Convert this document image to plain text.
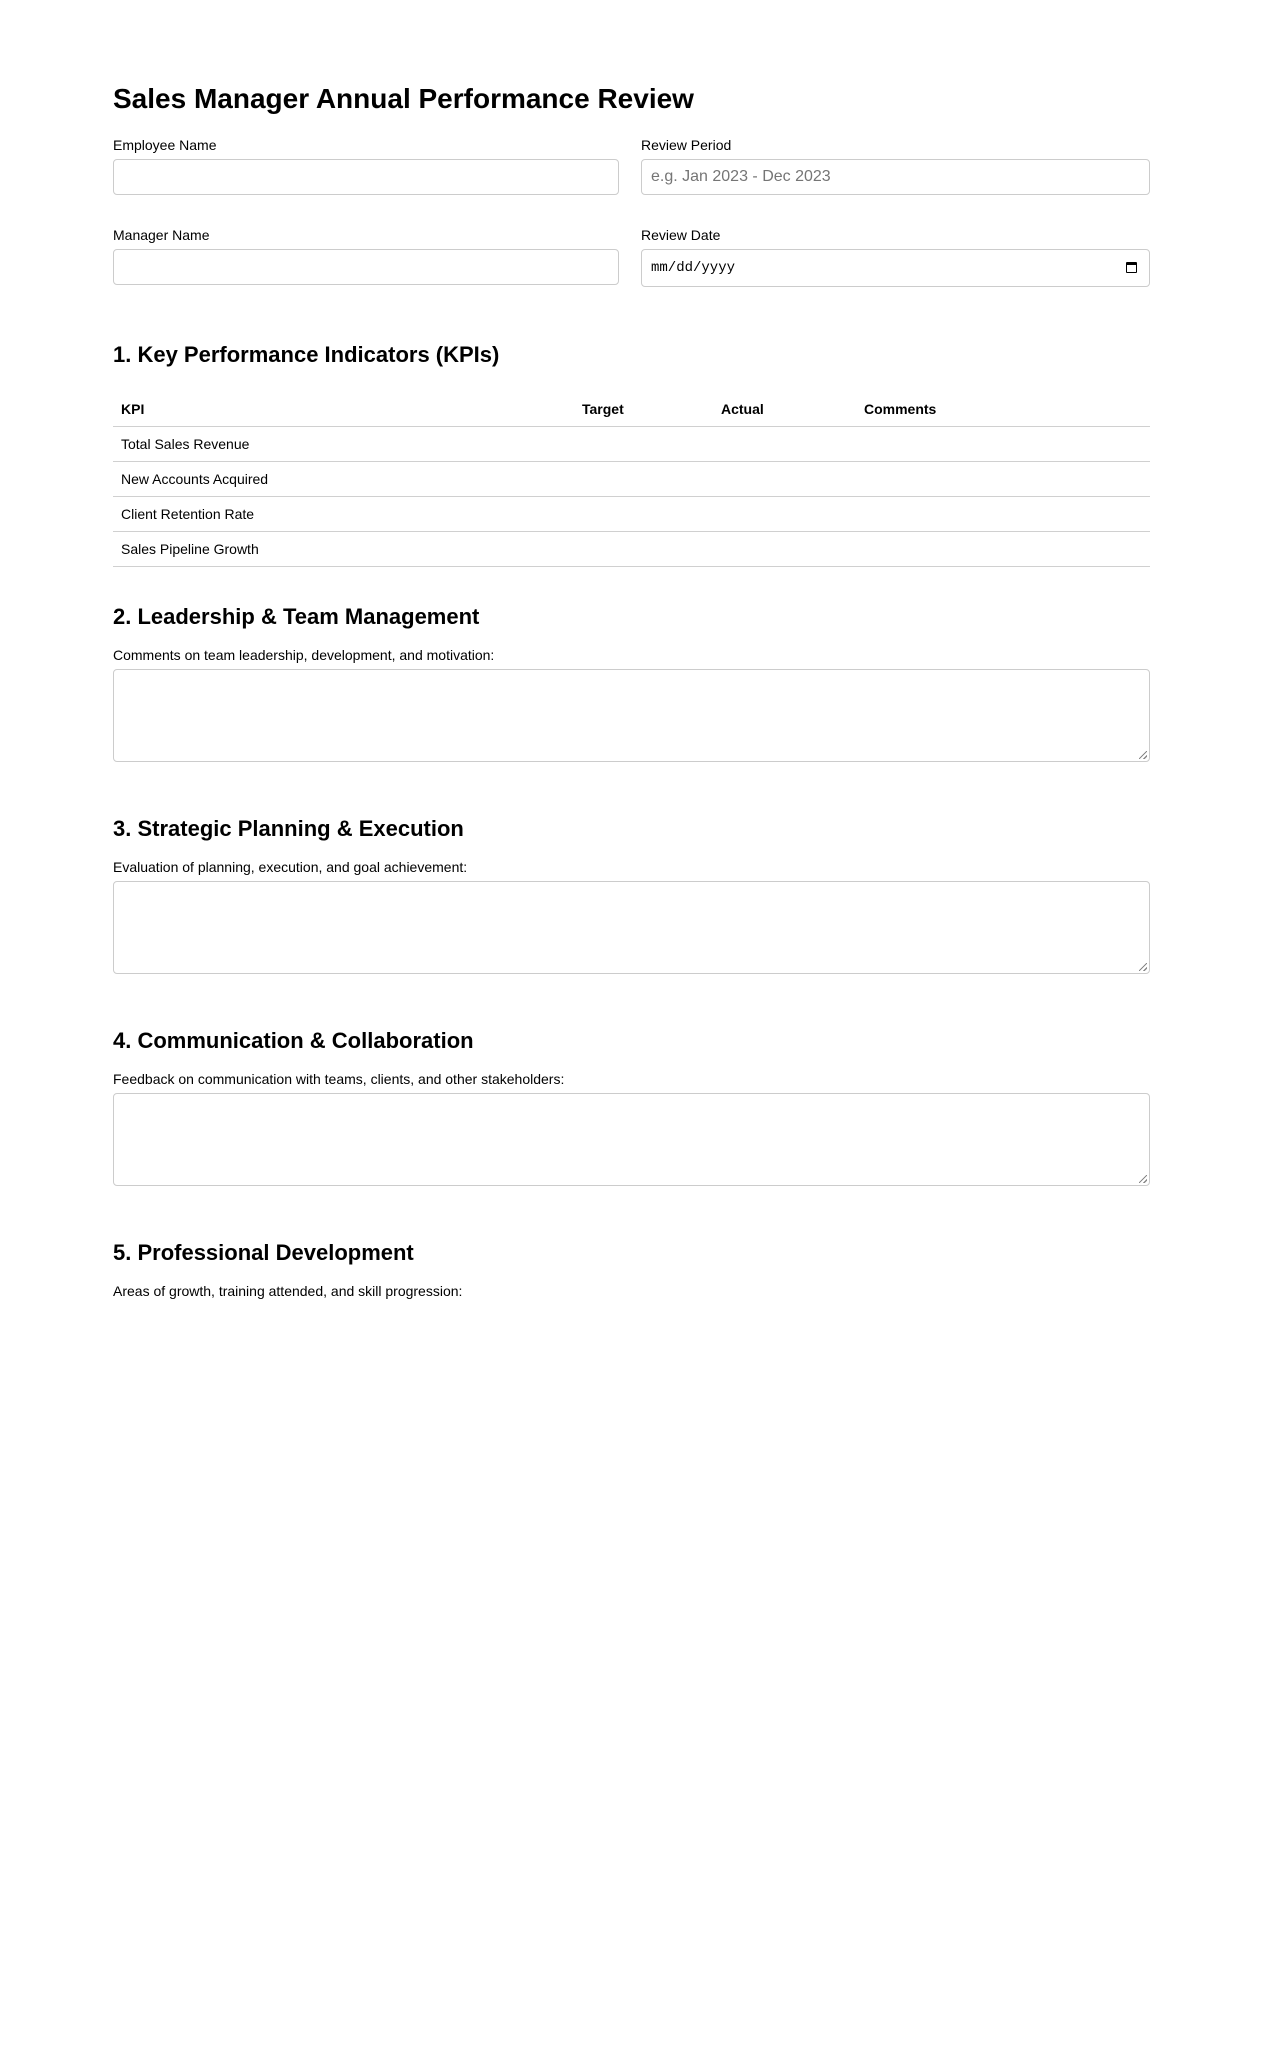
Sales Manager Annual Performance Review
Employee Name	Review Period
e.g. Jan 2023 - Dec 2023
Manager Name	Review Date
mm/dd/yyyy
1. Key Performance Indicators (KPIs)
KPI	Target	Actual	Comments
Total Sales Revenue			
New Accounts Acquired			
Client Retention Rate			
Sales Pipeline Growth			
2. Leadership & Team Management
Comments on team leadership, development, and motivation:
3. Strategic Planning & Execution
Evaluation of planning, execution, and goal achievement:
4. Communication & Collaboration
Feedback on communication with teams, clients, and other stakeholders:
5. Professional Development
Areas of growth, training attended, and skill progression:
